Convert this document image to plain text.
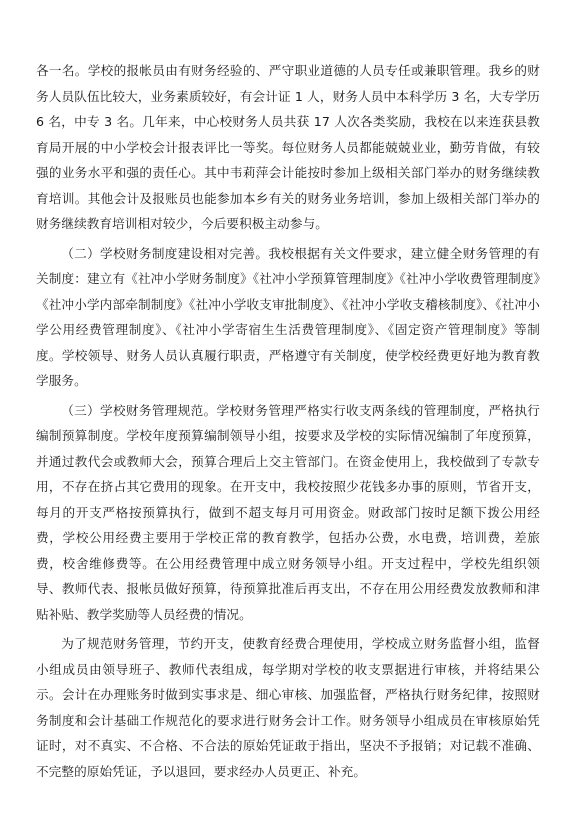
各一名。学校的报帐员由有财务经验的、严守职业道德的人员专任或兼职管理。我乡的财务人员队伍比较大，业务素质较好，有会计证 1 人，财务人员中本科学历 3 名，大专学历 6 名，中专 3 名。几年来，中心校财务人员共获 17 人次各类奖励，我校在以来连获县教育局开展的中小学校会计报表评比一等奖。每位财务人员都能兢兢业业，勤劳肯做，有较强的业务水平和强的责任心。其中韦莉萍会计能按时参加上级相关部门举办的财务继续教育培训。其他会计及报账员也能参加本乡有关的财务业务培训，参加上级相关部门举办的财务继续教育培训相对较少，今后要积极主动参与。

（二）学校财务制度建设相对完善。我校根据有关文件要求，建立健全财务管理的有关制度：建立有《社冲小学财务制度》《社冲小学预算管理制度》《社冲小学收费管理制度》《社冲小学内部牵制制度》《社冲小学收支审批制度》、《社冲小学收支稽核制度》、《社冲小学公用经费管理制度》、《社冲小学寄宿生生活费管理制度》、《固定资产管理制度》等制度。学校领导、财务人员认真履行职责，严格遵守有关制度，使学校经费更好地为教育教学服务。

（三）学校财务管理规范。学校财务管理严格实行收支两条线的管理制度，严格执行编制预算制度。学校年度预算编制领导小组，按要求及学校的实际情况编制了年度预算，并通过教代会或教师大会，预算合理后上交主管部门。在资金使用上，我校做到了专款专用，不存在挤占其它费用的现象。在开支中，我校按照少花钱多办事的原则，节省开支，每月的开支严格按预算执行，做到不超支每月可用资金。财政部门按时足额下拨公用经费，学校公用经费主要用于学校正常的教育教学，包括办公费，水电费，培训费，差旅费，校舍维修费等。在公用经费管理中成立财务领导小组。开支过程中，学校先组织领导、教师代表、报帐员做好预算，待预算批准后再支出，不存在用公用经费发放教师和津贴补贴、教学奖励等人员经费的情况。

为了规范财务管理，节约开支，使教育经费合理使用，学校成立财务监督小组，监督小组成员由领导班子、教师代表组成，每学期对学校的收支票据进行审核，并将结果公示。会计在办理账务时做到实事求是、细心审核、加强监督，严格执行财务纪律，按照财务制度和会计基础工作规范化的要求进行财务会计工作。财务领导小组成员在审核原始凭证时，对不真实、不合格、不合法的原始凭证敢于指出，坚决不予报销；对记载不准确、不完整的原始凭证，予以退回，要求经办人员更正、补充。
